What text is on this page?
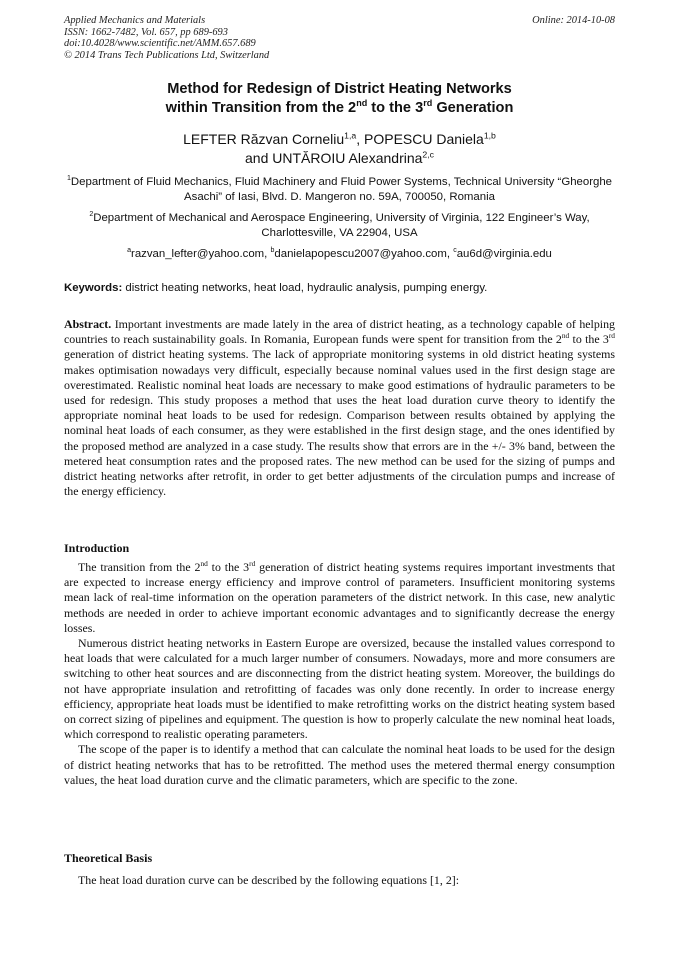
Applied Mechanics and Materials
ISSN: 1662-7482, Vol. 657, pp 689-693
doi:10.4028/www.scientific.net/AMM.657.689
© 2014 Trans Tech Publications Ltd, Switzerland
Online: 2014-10-08
Method for Redesign of District Heating Networks
within Transition from the 2nd to the 3rd Generation
LEFTER Răzvan Corneliu$^{1,a}$, POPESCU Daniela$^{1,b}$
and UNTĂROIU Alexandrina$^{2,c}$
$^1$Department of Fluid Mechanics, Fluid Machinery and Fluid Power Systems, Technical University “Gheorghe Asachi” of Iasi, Blvd. D. Mangeron no. 59A, 700050, Romania
$^2$Department of Mechanical and Aerospace Engineering, University of Virginia, 122 Engineer’s Way, Charlottesville, VA 22904, USA
$^a$razvan_lefter@yahoo.com, $^b$danielapopescu2007@yahoo.com, $^c$au6d@virginia.edu
Keywords: district heating networks, heat load, hydraulic analysis, pumping energy.
Abstract. Important investments are made lately in the area of district heating, as a technology capable of helping countries to reach sustainability goals. In Romania, European funds were spent for transition from the 2nd to the 3rd generation of district heating systems. The lack of appropriate monitoring systems in old district heating systems makes optimisation nowadays very difficult, especially because nominal values used in the first design stage are overestimated. Realistic nominal heat loads are necessary to make good estimations of hydraulic parameters to be used for redesign. This study proposes a method that uses the heat load duration curve theory to identify the appropriate nominal heat loads to be used for redesign. Comparison between results obtained by applying the nominal heat loads of each consumer, as they were established in the first design stage, and the ones identified by the proposed method are analyzed in a case study. The results show that errors are in the +/- 3% band, between the metered heat consumption rates and the proposed rates. The new method can be used for the sizing of pumps and district heating networks after retrofit, in order to get better adjustments of the circulation pumps and increase of the energy efficiency.
Introduction

The transition from the 2nd to the 3rd generation of district heating systems requires important investments that are expected to increase energy efficiency and improve control of parameters. Insufficient monitoring systems mean lack of real-time information on the operation parameters of the district network. In this case, new analytic methods are needed in order to achieve important economic advantages and to significantly decrease the energy losses.

Numerous district heating networks in Eastern Europe are oversized, because the installed values correspond to heat loads that were calculated for a much larger number of consumers. Nowadays, more and more consumers are switching to other heat sources and are disconnecting from the district heating system. Moreover, the buildings do not have appropriate insulation and retrofitting of facades was only done recently. In order to increase energy efficiency, appropriate heat loads must be identified to make retrofitting works on the district heating system based on correct sizing of pipelines and equipment. The question is how to properly calculate the new nominal heat loads, which correspond to realistic operating parameters.

The scope of the paper is to identify a method that can calculate the nominal heat loads to be used for the design of district heating networks that has to be retrofitted. The method uses the metered thermal energy consumption values, the heat load duration curve and the climatic parameters, which are specific to the zone.

Theoretical Basis
The heat load duration curve can be described by the following equations [1, 2]:
